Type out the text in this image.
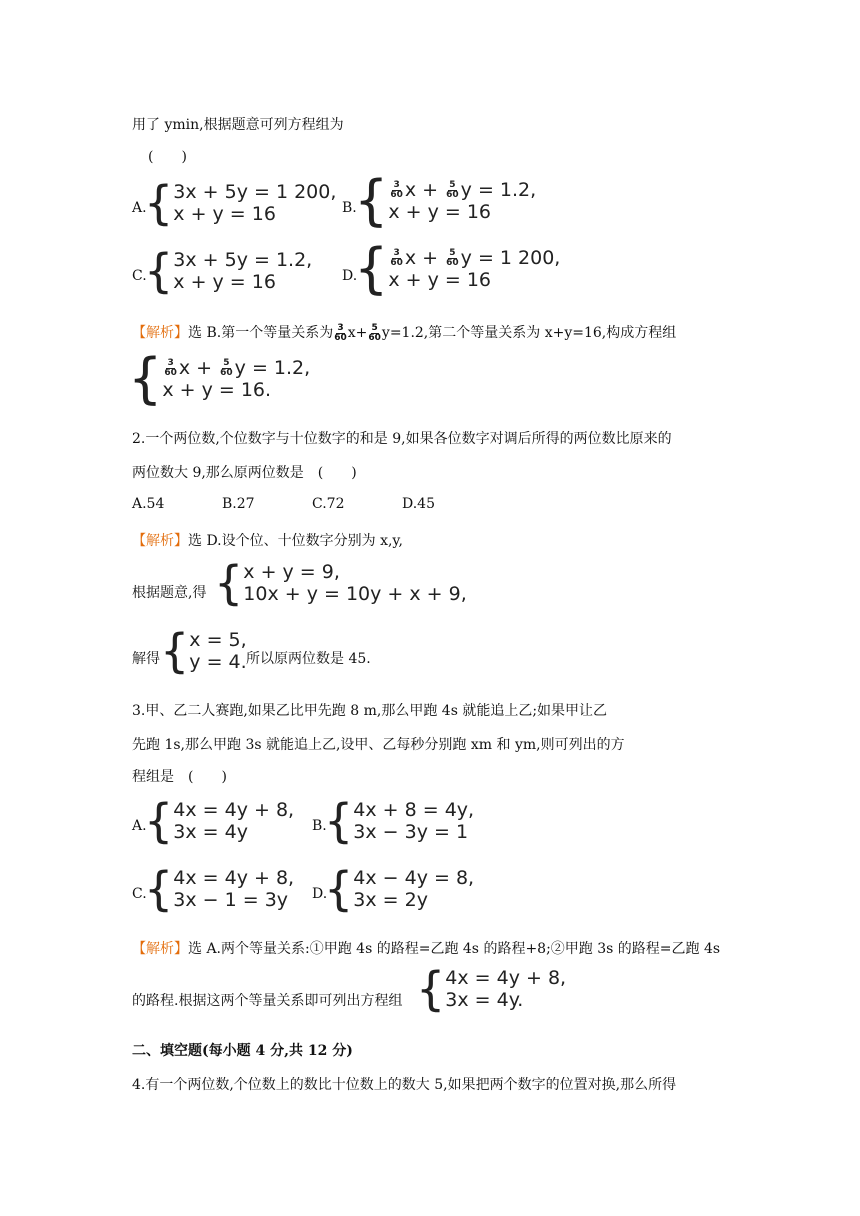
用了 ymin,根据题意可列方程组为
(　　)
A.
{ 3x + 5y = 1 200,
x + y = 16	B.
{ $\frac{3}{60}$ $x + \frac{5}{60}$ y = 1.2,
x + y = 16
C.
{ 3x + 5y = 1.2,
x + y = 16	D.
{ $\frac{3}{60}$ $x + \frac{5}{60}$ y = 1 200,
x + y = 16
【解析】选 B.第一个等量关系为 $\frac{3}{60} x+ \frac{5}{60} y=1.2$,第二个等量关系为 x+y=16,构成方程组
{ $\frac{3}{60}$ $x + \frac{5}{60}$ y = 1.2,
x + y = 16.
2.一个两位数,个位数字与十位数字的和是 9,如果各位数字对调后所得的两位数比原来的
两位数大 9,那么原两位数是　(　　)
A.54	B.27	C.72	D.45
【解析】选 D.设个位、十位数字分别为 x,y,
根据题意,得 { x + y = 9,
10x + y = 10y + x + 9,
解得 { x = 5,
y = 4. 所以原两位数是 45.
3.甲、乙二人赛跑,如果乙比甲先跑 8 m,那么甲跑 4s 就能追上乙;如果甲让乙
先跑 1s,那么甲跑 3s 就能追上乙,设甲、乙每秒分别跑 xm 和 ym,则可列出的方
程组是　(　　)
A.
{ 4x = 4y + 8,
3x = 4y	B.
{ 4x + 8 = 4y,
3x − 3y = 1
C.
{ 4x = 4y + 8,
3x − 1 = 3y	D.
{ 4x − 4y = 8,
3x = 2y
【解析】选 A.两个等量关系:①甲跑 4s 的路程=乙跑 4s 的路程+8;②甲跑 3s 的路程=乙跑 4s
的路程.根据这两个等量关系即可列出方程组 { 4x = 4y + 8,
3x = 4y.
二、填空题(每小题 4 分,共 12 分)
4.有一个两位数,个位数上的数比十位数上的数大 5,如果把两个数字的位置对换,那么所得
